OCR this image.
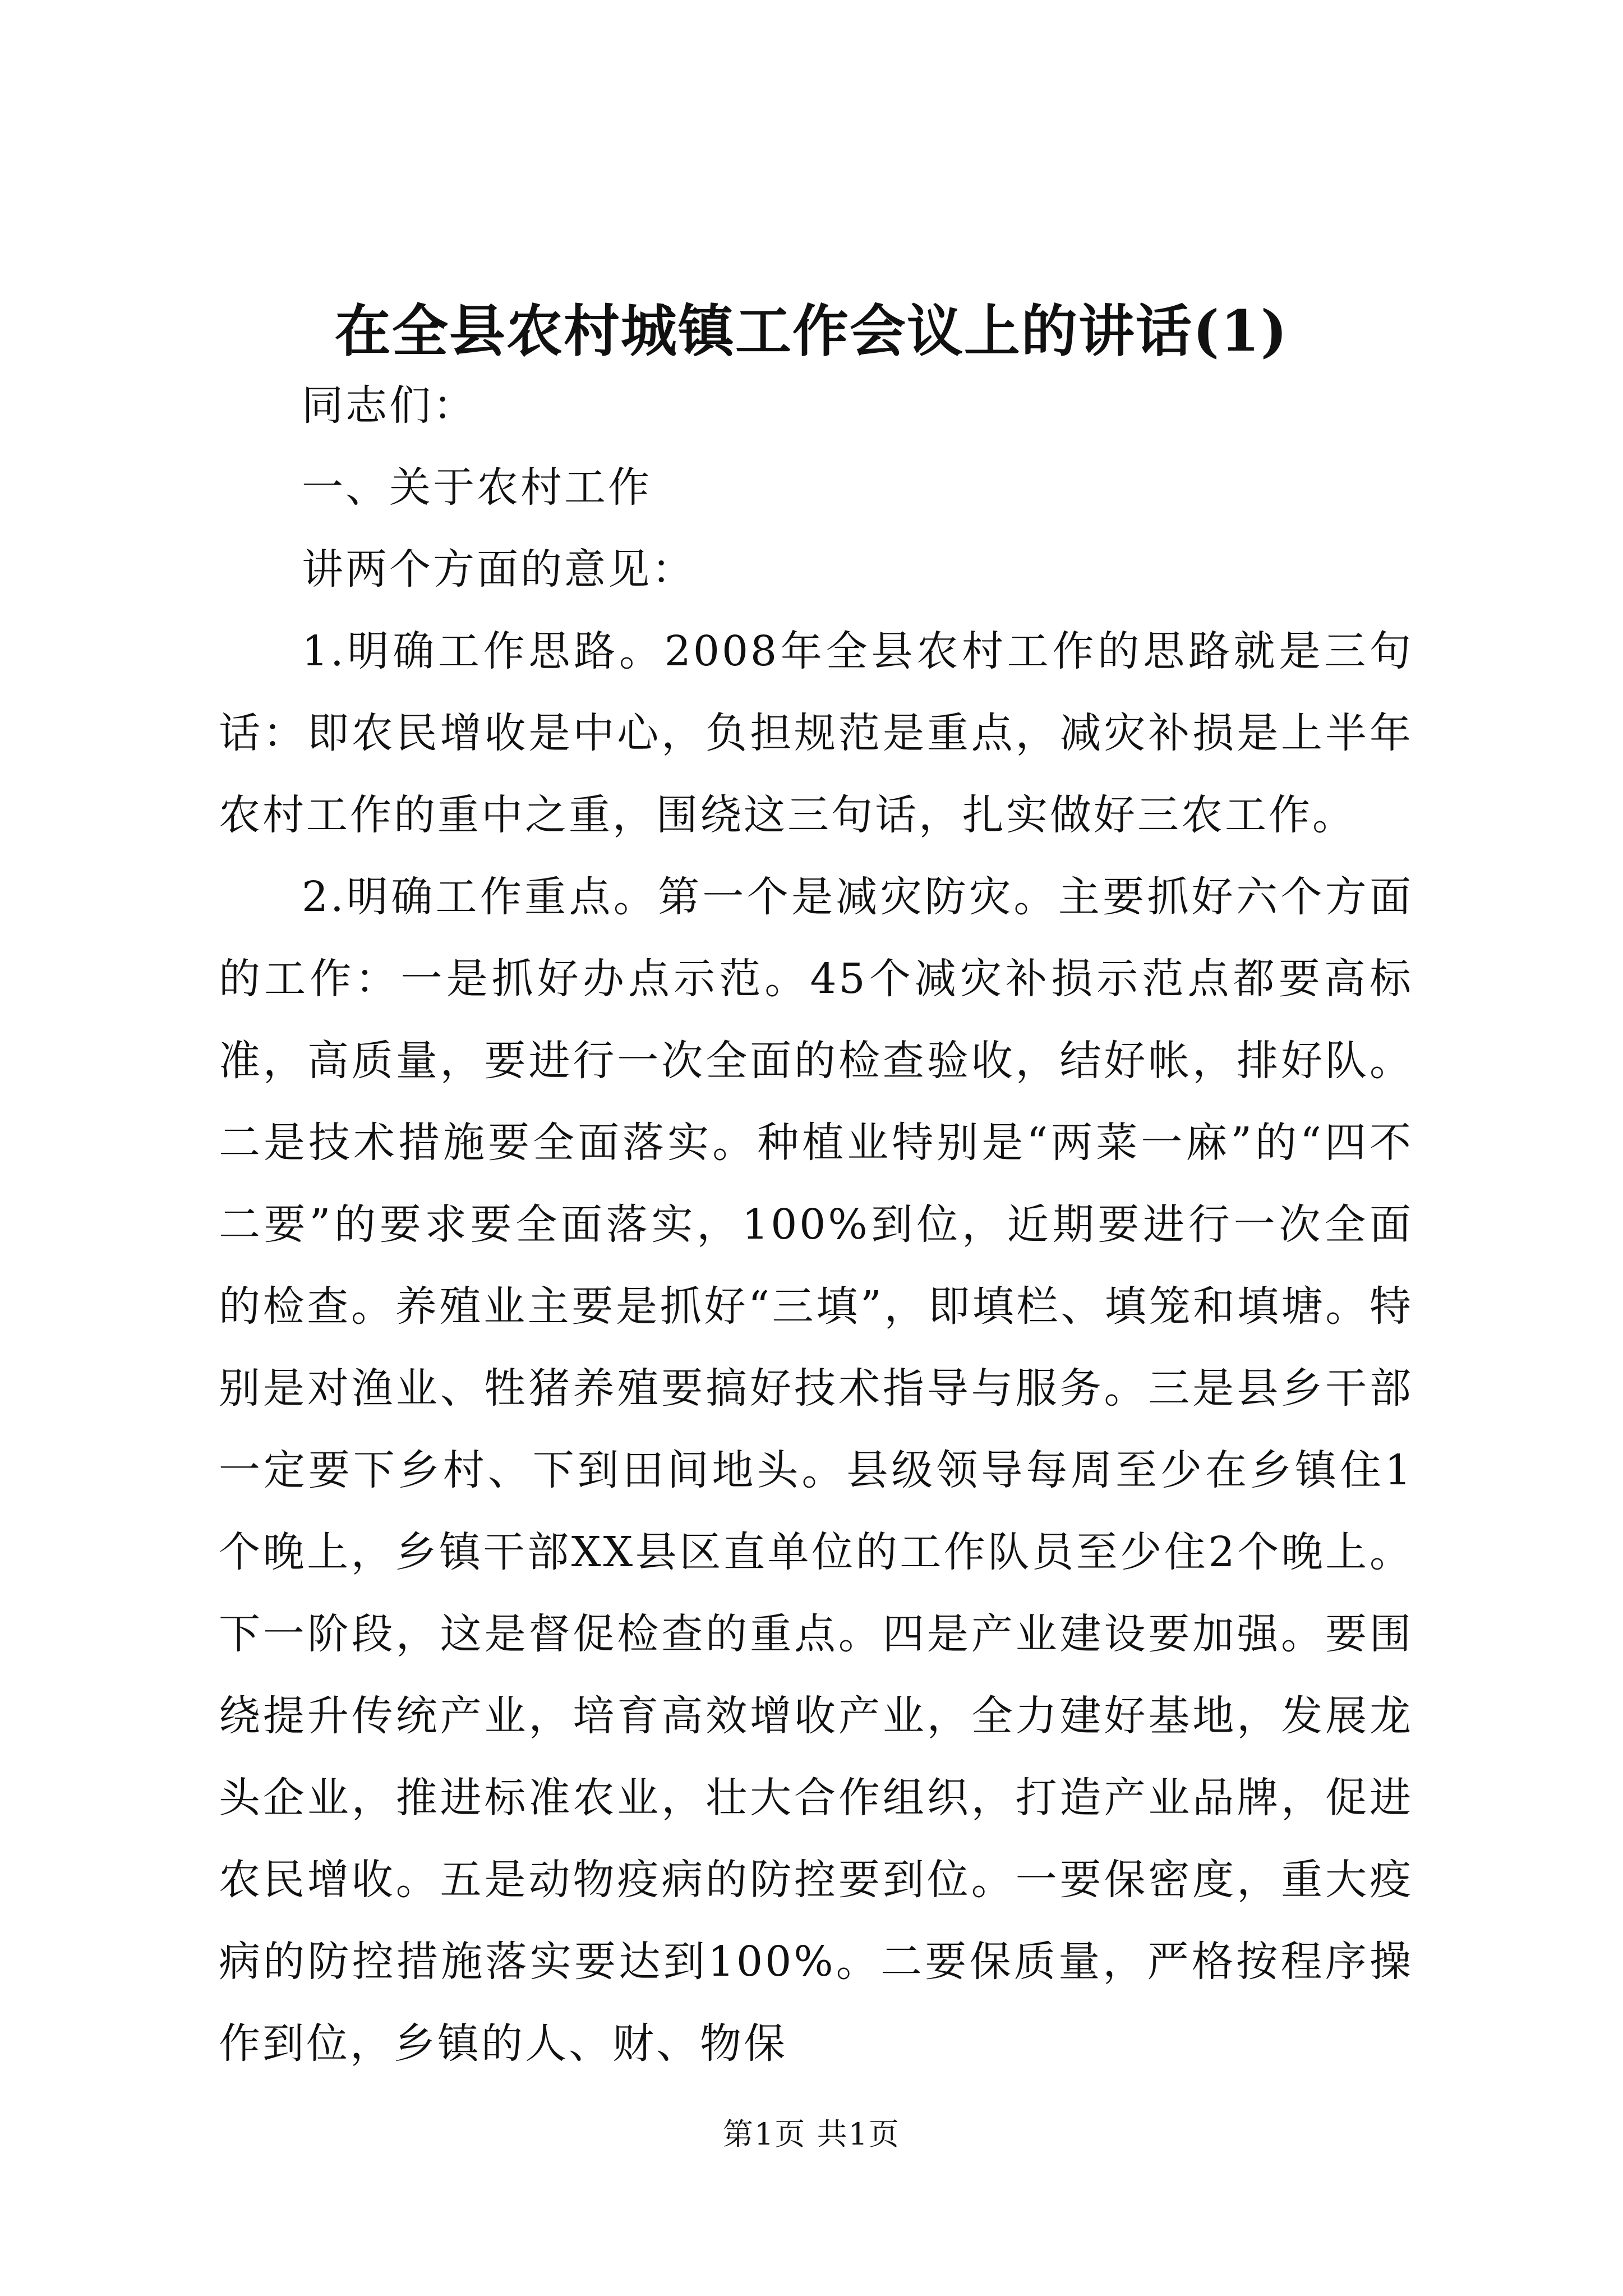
在全县农村城镇工作会议上的讲话(1)

同志们：

一、关于农村工作

讲两个方面的意见：

1.明确工作思路。2008年全县农村工作的思路就是三句话：即农民增收是中心，负担规范是重点，减灾补损是上半年农村工作的重中之重，围绕这三句话，扎实做好三农工作。

2.明确工作重点。第一个是减灾防灾。主要抓好六个方面的工作：一是抓好办点示范。45个减灾补损示范点都要高标准，高质量，要进行一次全面的检查验收，结好帐，排好队。二是技术措施要全面落实。种植业特别是“两菜一麻”的“四不二要”的要求要全面落实，100%到位，近期要进行一次全面的检查。养殖业主要是抓好“三填”，即填栏、填笼和填塘。特别是对渔业、牲猪养殖要搞好技术指导与服务。三是县乡干部一定要下乡村、下到田间地头。县级领导每周至少在乡镇住1个晚上，乡镇干部XX县区直单位的工作队员至少住2个晚上。下一阶段，这是督促检查的重点。四是产业建设要加强。要围绕提升传统产业，培育高效增收产业，全力建好基地，发展龙头企业，推进标准农业，壮大合作组织，打造产业品牌，促进农民增收。五是动物疫病的防控要到位。一要保密度，重大疫病的防控措施落实要达到100%。二要保质量，严格按程序操作到位，乡镇的人、财、物保

第1页 共1页
